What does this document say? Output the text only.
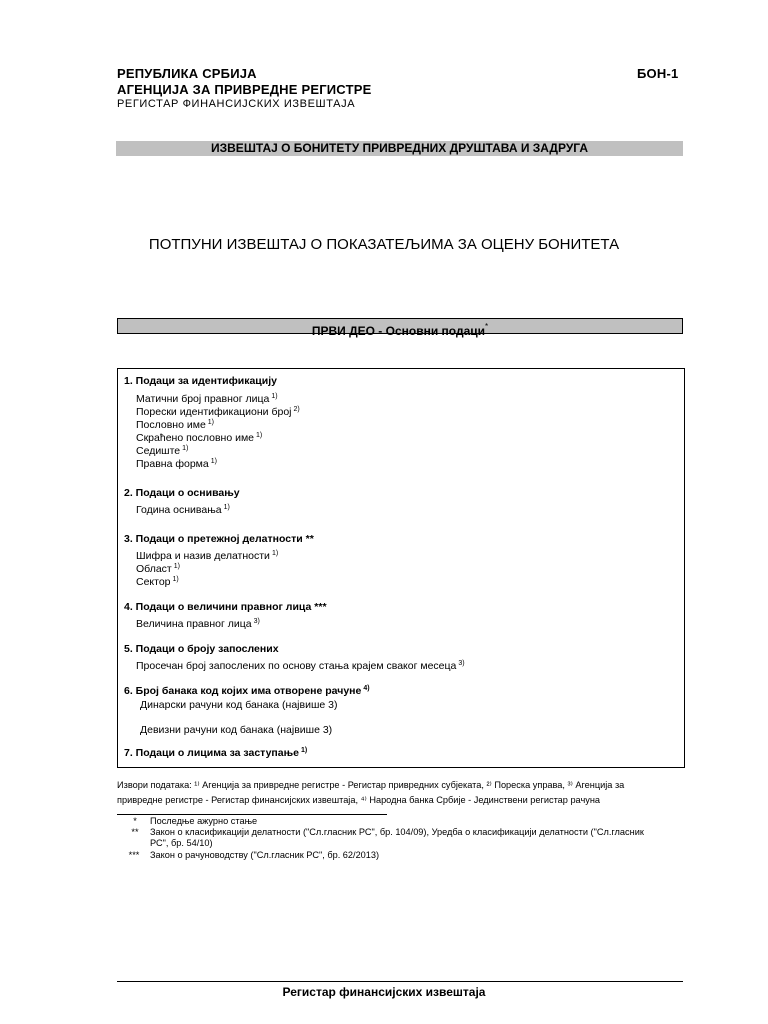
РЕПУБЛИКА СРБИЈА
АГЕНЦИЈА ЗА ПРИВРЕДНЕ РЕГИСТРЕ
РЕГИСТАР ФИНАНСИЈСКИХ ИЗВЕШТАЈА
БОН-1
ИЗВЕШТАЈ О БОНИТЕТУ ПРИВРЕДНИХ ДРУШТАВА И ЗАДРУГА
ПОТПУНИ ИЗВЕШТАЈ О ПОКАЗАТЕЉИМА ЗА ОЦЕНУ БОНИТЕТА
ПРВИ ДЕО - Основни подаци*
1. Подаци за идентификацију
Матични број правног лица $^{1)}$
Порески идентификациони број $^{2)}$
Пословно име $^{1)}$
Скраћено пословно име $^{1)}$
Седиште $^{1)}$
Правна форма $^{1)}$
2. Подаци о оснивању
Година оснивања $^{1)}$
3. Подаци о претежној делатности **
Шифра и назив делатности $^{1)}$
Област $^{1)}$
Сектор $^{1)}$
4. Подаци о величини правног лица ***
Величина правног лица $^{3)}$
5. Подаци о броју запослених
Просечан број запослених по основу стања крајем сваког месеца $^{3)}$
6. Број банака код којих има отворене рачуне $^{4)}$
Динарски рачуни код банака (највише 3)
Девизни рачуни код банака (највише 3)
7. Подаци о лицима за заступање $^{1)}$
Извори података: ¹⁾ Агенција за привредне регистре - Регистар привредних субјеката, ²⁾ Пореска управа, ³⁾ Агенција за
привредне регистре - Регистар финансијских извештаја, ⁴⁾ Народна банка Србије - Јединствени регистар рачуна
*	Последње ажурно стање
**	Закон о класификацији делатности ("Сл.гласник РС", бр. 104/09), Уредба о класификацији делатности ("Сл.гласник
РС", бр. 54/10)
***	Закон о рачуноводству ("Сл.гласник РС", бр. 62/2013)
Регистар финансијских извештаја
